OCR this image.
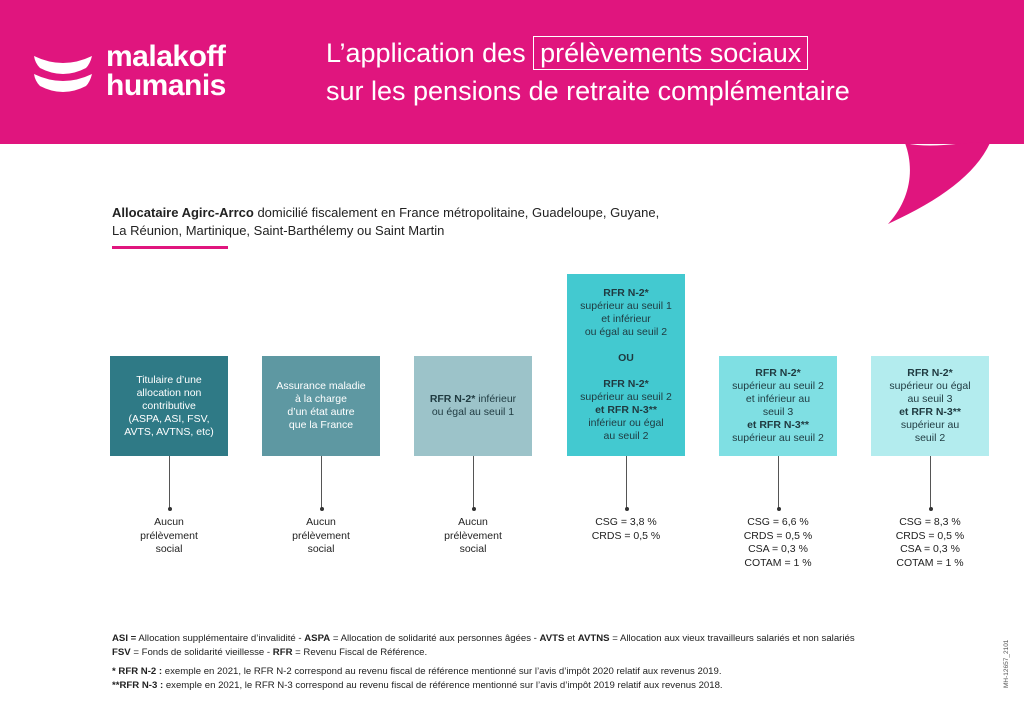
malakoff
humanis
L’application des prélèvements sociaux
sur les pensions de retraite complémentaire
Allocataire Agirc-Arrco domicilié fiscalement en France métropolitaine, Guadeloupe, Guyane,
La Réunion, Martinique, Saint-Barthélemy ou Saint Martin
Titulaire d’une
allocation non
contributive
(ASPA, ASI, FSV,
AVTS, AVTNS, etc)
Aucun
prélèvement
social
Assurance maladie
à la charge
d’un état autre
que la France
Aucun
prélèvement
social
RFR N-2* inférieur
ou égal au seuil 1
Aucun
prélèvement
social
RFR N-2*
supérieur au seuil 1
et inférieur
ou égal au seuil 2

OU

RFR N-2*
supérieur au seuil 2
et RFR N-3**
inférieur ou égal
au seuil 2
CSG = 3,8 %
CRDS = 0,5 %
RFR N-2*
supérieur au seuil 2
et inférieur au
seuil 3
et RFR N-3**
supérieur au seuil 2
CSG = 6,6 %
CRDS = 0,5 %
CSA = 0,3 %
COTAM = 1 %
RFR N-2*
supérieur ou égal
au seuil 3
et RFR N-3**
supérieur au
seuil 2
CSG = 8,3 %
CRDS = 0,5 %
CSA = 0,3 %
COTAM = 1 %

ASI = Allocation supplémentaire d’invalidité - ASPA = Allocation de solidarité aux personnes âgées - AVTS et AVTNS = Allocation aux vieux travailleurs salariés et non salariés

FSV = Fonds de solidarité vieillesse - RFR = Revenu Fiscal de Référence.

* RFR N-2 : exemple en 2021, le RFR N-2 correspond au revenu fiscal de référence mentionné sur l’avis d’impôt 2020 relatif aux revenus 2019.

**RFR N-3 : exemple en 2021, le RFR N-3 correspond au revenu fiscal de référence mentionné sur l’avis d’impôt 2019 relatif aux revenus 2018.	MH-12657_2101
